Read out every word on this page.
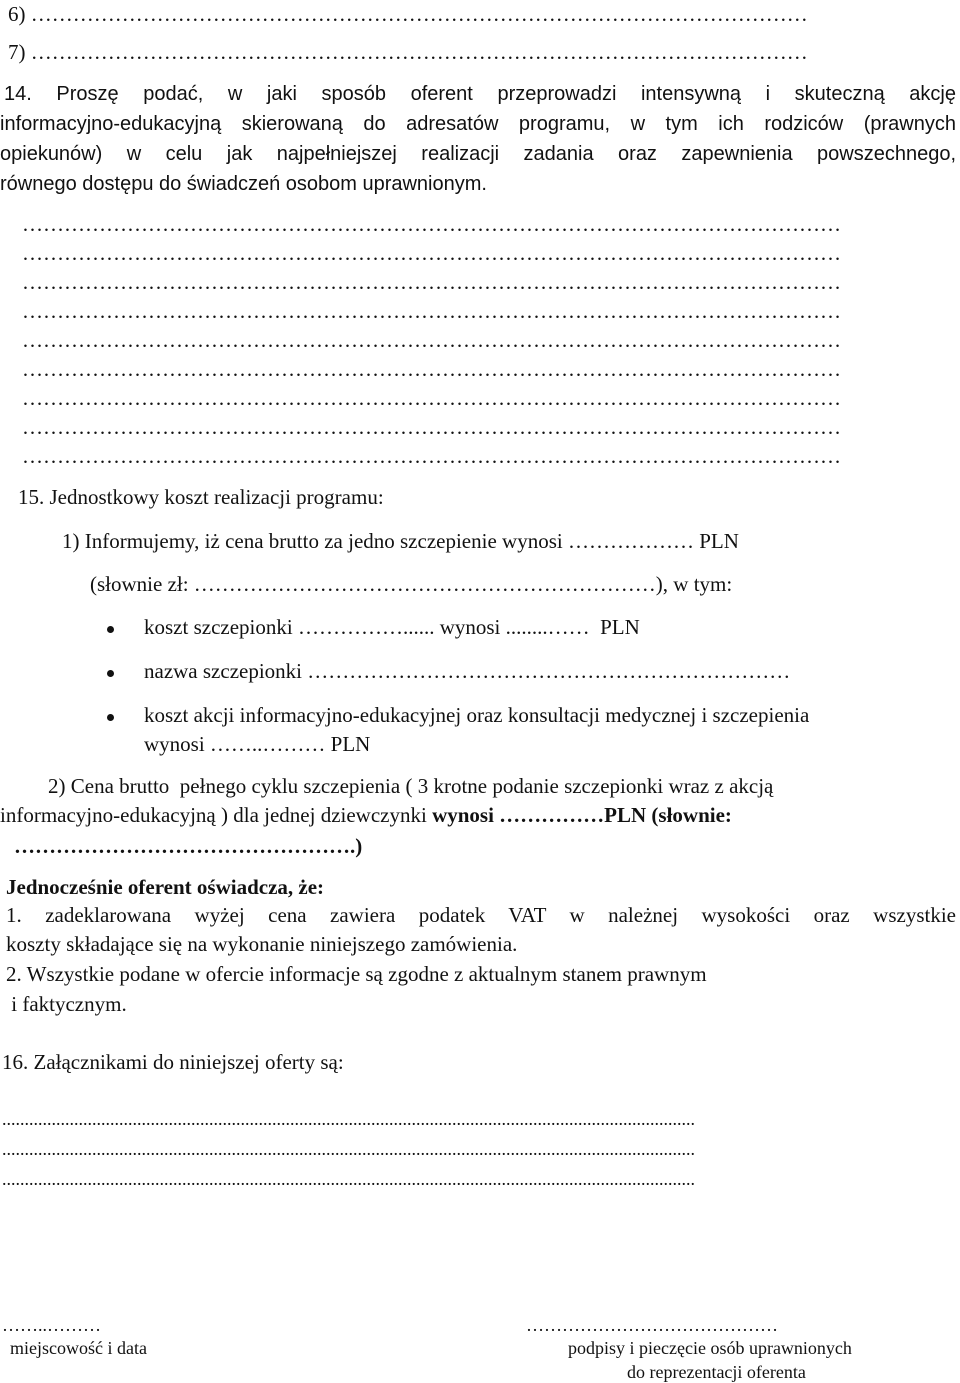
6) …………………………………………………………………………………………………
7) …………………………………………………………………………………………………
14. Proszę podać, w jaki sposób oferent przeprowadzi intensywną i skuteczną akcję
informacyjno-edukacyjną skierowaną do adresatów programu, w tym ich rodziców (prawnych
opiekunów) w celu jak najpełniejszej realizacji zadania oraz zapewnienia powszechnego,
równego dostępu do świadczeń osobom uprawnionym.
………………………………………………………………………………………………………
………………………………………………………………………………………………………
………………………………………………………………………………………………………
………………………………………………………………………………………………………
………………………………………………………………………………………………………
………………………………………………………………………………………………………
………………………………………………………………………………………………………
………………………………………………………………………………………………………
………………………………………………………………………………………………………
15. Jednostkowy koszt realizacji programu:
1) Informujemy, iż cena brutto za jedno szczepienie wynosi ……………… PLN
(słownie zł: …………………………………………………………), w tym:
koszt szczepionki ……………...... wynosi ........……  PLN
nazwa szczepionki ……………………………………………………………
koszt akcji informacyjno-edukacyjnej oraz konsultacji medycznej i szczepienia
wynosi ……..……… PLN
2) Cena brutto  pełnego cyklu szczepienia ( 3 krotne podanie szczepionki wraz z akcją
informacyjno-edukacyjną ) dla jednej dziewczynki wynosi ……………PLN (słownie:
………………………………………….)
Jednocześnie oferent oświadcza, że:
1. zadeklarowana wyżej cena zawiera podatek VAT w należnej wysokości oraz wszystkie
koszty składające się na wykonanie niniejszego zamówienia.
2. Wszystkie podane w ofercie informacje są zgodne z aktualnym stanem prawnym
i faktycznym.
16. Załącznikami do niniejszej oferty są:
..........................................................................................................................................................
..........................................................................................................................................................
..........................................................................................................................................................
……..………
miejscowość i data
……………………………………
podpisy i pieczęcie osób uprawnionych
do reprezentacji oferenta
